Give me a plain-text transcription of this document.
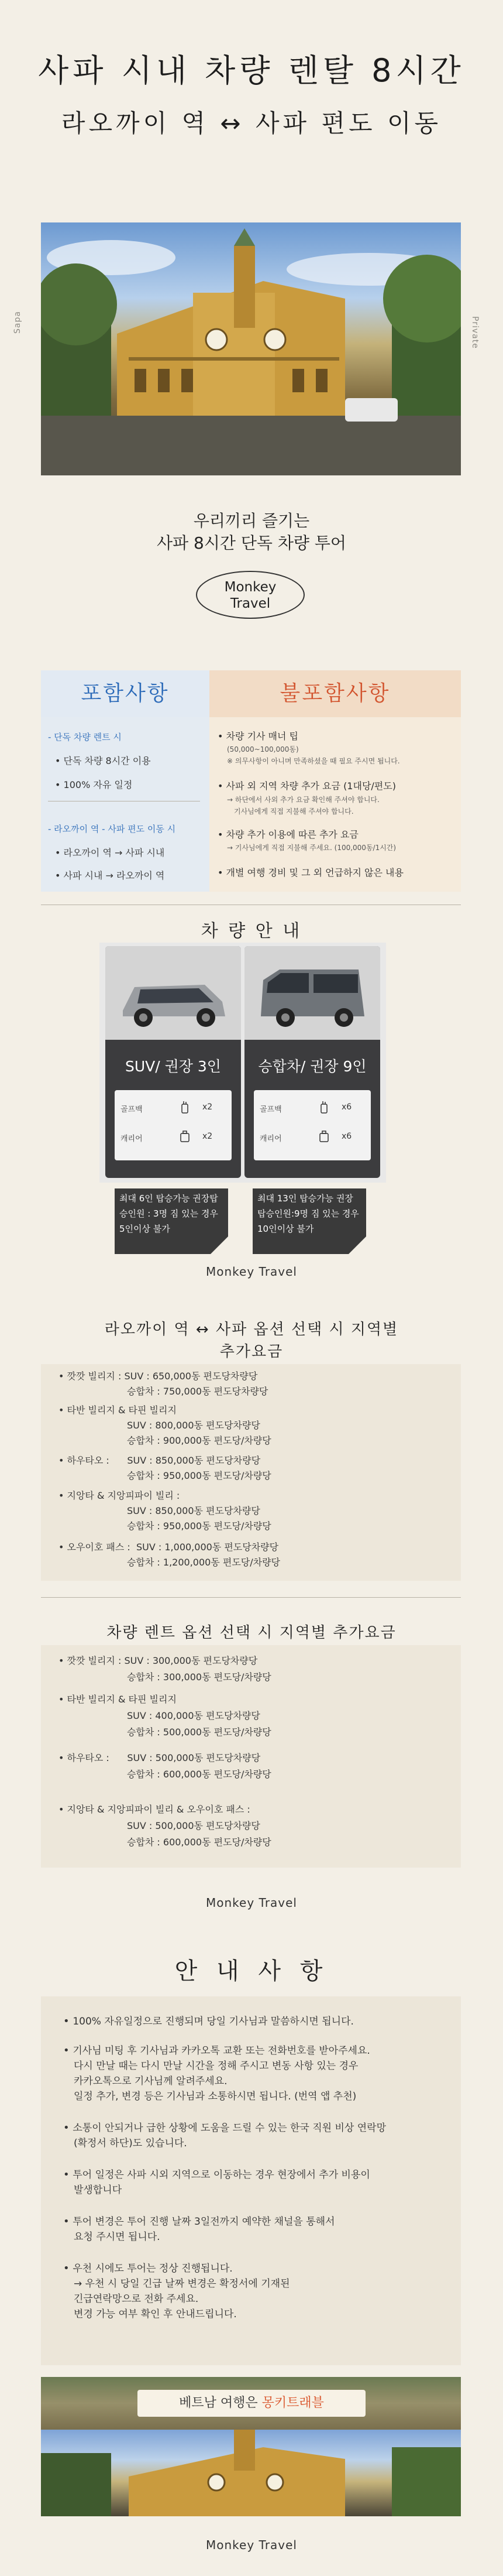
사파 시내 차량 렌탈 8시간
라오까이 역 ↔ 사파 편도 이동
Sapa	Private
우리끼리 즐기는
사파 8시간 단독 차량 투어
Monkey
Travel
포함사항	불포함사항
- 단독 차량 렌트 시
• 단독 차량 8시간 이용
• 100% 자유 일정
- 라오까이 역 - 사파 편도 이동 시
• 라오까이 역 → 사파 시내
• 사파 시내 → 라오까이 역
• 차량 기사 매너 팁
(50,000~100,000동)
※ 의무사항이 아니며 만족하셨을 때 필요 주시면 됩니다.
• 사파 외 지역 차량 추가 요금 (1대당/편도)
→ 하단에서 사외 추가 요금 확인해 주셔야 합니다.
기사님에게 직접 지불해 주셔야 합니다.
• 차량 추가 이용에 따른 추가 요금
→ 기사님에게 직접 지불해 주세요. (100,000동/1시간)
• 개별 여행 경비 및 그 외 언급하지 않은 내용
차 량 안 내
SUV/ 권장 3인
골프백	x2
캐리어	x2
승합차/ 권장 9인
골프백	x6
캐리어	x6
최대 6인 탑승가능 권장탑승인원 : 3명 짐 있는 경우 5인이상 불가
최대 13인 탑승가능 권장탑승인원:9명 짐 있는 경우 10인이상 불가
Monkey Travel
라오까이 역 ↔ 사파 옵션 선택 시 지역별
추가요금
• 깟깟 빌리지 : SUV : 650,000동 편도당차량당
승합차 : 750,000동 편도당차량당
• 타반 빌리지 & 타핀 빌리지
SUV : 800,000동 편도당차량당
승합차 : 900,000동 편도당/차량당
• 하우타오 :      SUV : 850,000동 편도당차량당
승합차 : 950,000동 편도당/차량당
• 지앙타 & 지앙피파이 빌리 :
SUV : 850,000동 편도당차량당
승합차 : 950,000동 편도당/차량당
• 오우이호 패스 :  SUV : 1,000,000동 편도당차량당
승합차 : 1,200,000동 편도당/차량당
차량 렌트 옵션 선택 시 지역별 추가요금
• 깟깟 빌리지 : SUV : 300,000동 편도당차량당
승합차 : 300,000동 편도당/차량당
• 타반 빌리지 & 타핀 빌리지
SUV : 400,000동 편도당차량당
승합차 : 500,000동 편도당/차량당
• 하우타오 :      SUV : 500,000동 편도당차량당
승합차 : 600,000동 편도당/차량당
• 지앙타 & 지앙피파이 빌리 & 오우이호 패스 :
SUV : 500,000동 편도당차량당
승합차 : 600,000동 편도당/차량당
Monkey Travel
안 내 사 항
• 100% 자유일정으로 진행되며 당일 기사님과 말씀하시면 됩니다.
• 기사님 미팅 후 기사님과 카카오톡 교환 또는 전화번호를 받아주세요.
다시 만날 때는 다시 만날 시간을 정해 주시고 변동 사항 있는 경우
카카오톡으로 기사님께 알려주세요.
일정 추가, 변경 등은 기사님과 소통하시면 됩니다. (번역 앱 추천)
• 소통이 안되거나 급한 상황에 도움을 드릴 수 있는 한국 직원 비상 연락망
(확정서 하단)도 있습니다.
• 투어 일정은 사파 시외 지역으로 이동하는 경우 현장에서 추가 비용이
발생합니다
• 투어 변경은 투어 진행 날짜 3일전까지 예약한 채널을 통해서
요청 주시면 됩니다.
• 우천 시에도 투어는 정상 진행됩니다.
→ 우천 시 당일 긴급 날짜 변경은 확정서에 기재된
긴급연락망으로 전화 주세요.
변경 가능 여부 확인 후 안내드립니다.
베트남 여행은 몽키트래블
Monkey Travel
